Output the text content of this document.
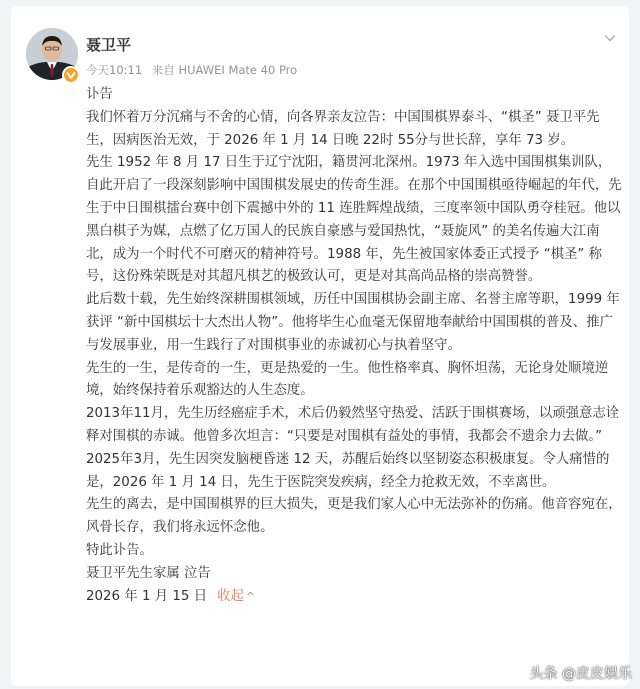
聂卫平
今天10:11 来自 HUAWEI Mate 40 Pro

讣告

我们怀着万分沉痛与不舍的心情，向各界亲友泣告：中国围棋界泰斗、“棋圣” 聂卫平先生，因病医治无效，于 2026 年 1 月 14 日晚 22时 55分与世长辞，享年 73 岁。

先生 1952 年 8 月 17 日生于辽宁沈阳，籍贯河北深州。1973 年入选中国围棋集训队，自此开启了一段深刻影响中国围棋发展史的传奇生涯。在那个中国围棋亟待崛起的年代，先生于中日围棋擂台赛中创下震撼中外的 11 连胜辉煌战绩，三度率领中国队勇夺桂冠。他以黑白棋子为媒，点燃了亿万国人的民族自豪感与爱国热忱，“聂旋风” 的美名传遍大江南北，成为一个时代不可磨灭的精神符号。1988 年，先生被国家体委正式授予 “棋圣” 称号，这份殊荣既是对其超凡棋艺的极致认可，更是对其高尚品格的崇高赞誉。

此后数十载，先生始终深耕围棋领域，历任中国围棋协会副主席、名誉主席等职，1999 年获评 “新中国棋坛十大杰出人物”。他将毕生心血毫无保留地奉献给中国围棋的普及、推广与发展事业，用一生践行了对围棋事业的赤诚初心与执着坚守。

先生的一生，是传奇的一生，更是热爱的一生。他性格率真、胸怀坦荡，无论身处顺境逆境，始终保持着乐观豁达的人生态度。

2013年11月，先生历经癌症手术，术后仍毅然坚守热爱、活跃于围棋赛场，以顽强意志诠释对围棋的赤诚。他曾多次坦言：“只要是对围棋有益处的事情，我都会不遗余力去做。”

2025年3月，先生因突发脑梗昏迷 12 天，苏醒后始终以坚韧姿态积极康复。令人痛惜的是，2026 年 1 月 14 日，先生于医院突发疾病，经全力抢救无效，不幸离世。

先生的离去，是中国围棋界的巨大损失，更是我们家人心中无法弥补的伤痛。他音容宛在，风骨长存，我们将永远怀念他。

特此讣告。

聂卫平先生家属 泣告

2026 年 1 月 15 日 收起 ^

头条 @皮皮娱乐
